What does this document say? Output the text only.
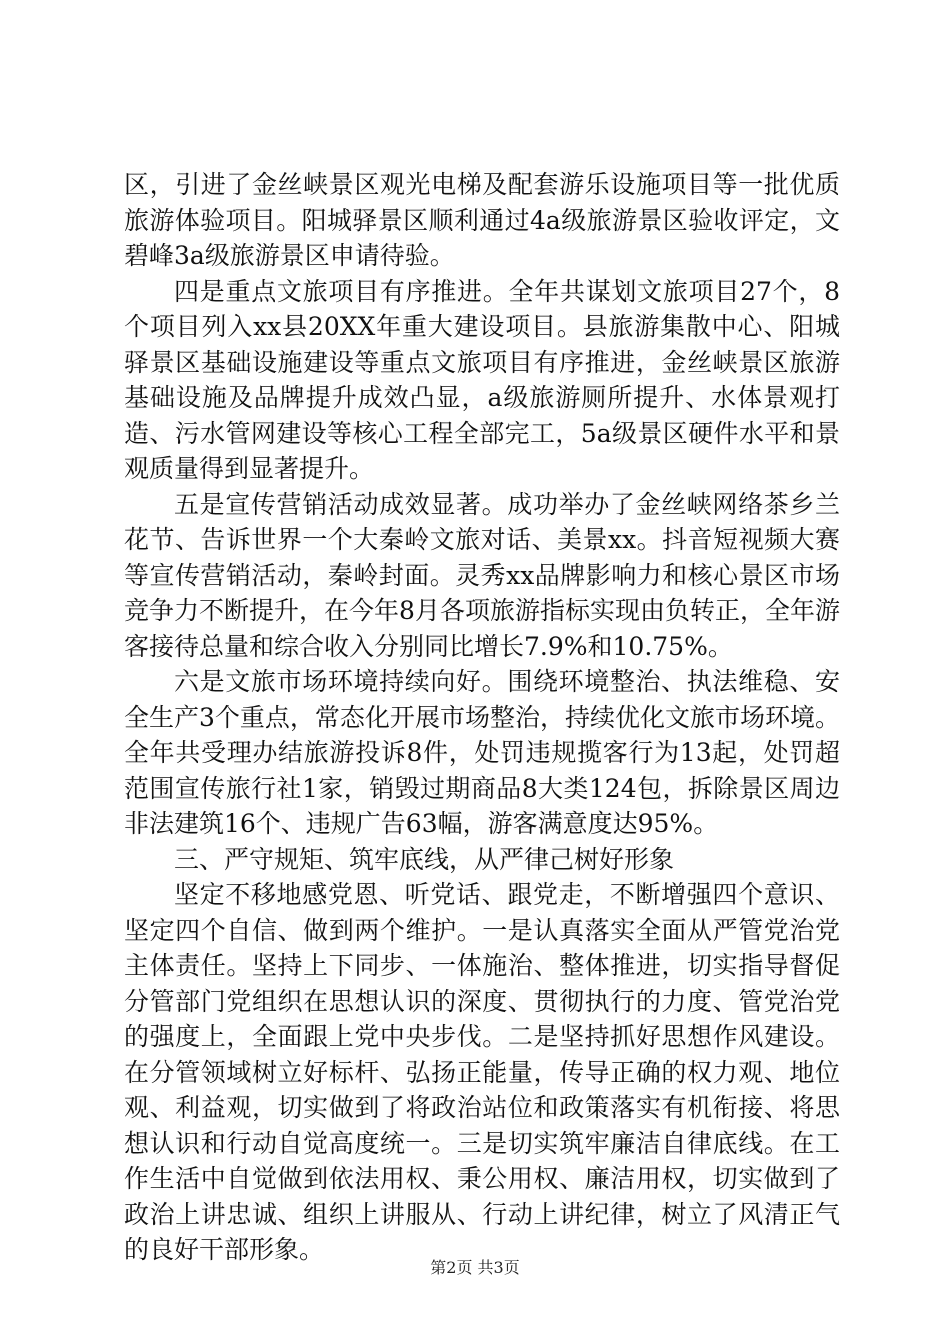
区，引进了金丝峡景区观光电梯及配套游乐设施项目等一批优质旅游体验项目。阳城驿景区顺利通过4a级旅游景区验收评定，文碧峰3a级旅游景区申请待验。

四是重点文旅项目有序推进。全年共谋划文旅项目27个，8个项目列入xx县20XX年重大建设项目。县旅游集散中心、阳城驿景区基础设施建设等重点文旅项目有序推进，金丝峡景区旅游基础设施及品牌提升成效凸显，a级旅游厕所提升、水体景观打造、污水管网建设等核心工程全部完工，5a级景区硬件水平和景观质量得到显著提升。

五是宣传营销活动成效显著。成功举办了金丝峡网络茶乡兰花节、告诉世界一个大秦岭文旅对话、美景xx。抖音短视频大赛等宣传营销活动，秦岭封面。灵秀xx品牌影响力和核心景区市场竞争力不断提升，在今年8月各项旅游指标实现由负转正，全年游客接待总量和综合收入分别同比增长7.9%和10.75%。

六是文旅市场环境持续向好。围绕环境整治、执法维稳、安全生产3个重点，常态化开展市场整治，持续优化文旅市场环境。全年共受理办结旅游投诉8件，处罚违规揽客行为13起，处罚超范围宣传旅行社1家，销毁过期商品8大类124包，拆除景区周边非法建筑16个、违规广告63幅，游客满意度达95%。

三、严守规矩、筑牢底线，从严律己树好形象

坚定不移地感党恩、听党话、跟党走，不断增强四个意识、坚定四个自信、做到两个维护。一是认真落实全面从严管党治党主体责任。坚持上下同步、一体施治、整体推进，切实指导督促分管部门党组织在思想认识的深度、贯彻执行的力度、管党治党的强度上，全面跟上党中央步伐。二是坚持抓好思想作风建设。在分管领域树立好标杆、弘扬正能量，传导正确的权力观、地位观、利益观，切实做到了将政治站位和政策落实有机衔接、将思想认识和行动自觉高度统一。三是切实筑牢廉洁自律底线。在工作生活中自觉做到依法用权、秉公用权、廉洁用权，切实做到了政治上讲忠诚、组织上讲服从、行动上讲纪律，树立了风清正气的良好干部形象。

第2页 共3页
